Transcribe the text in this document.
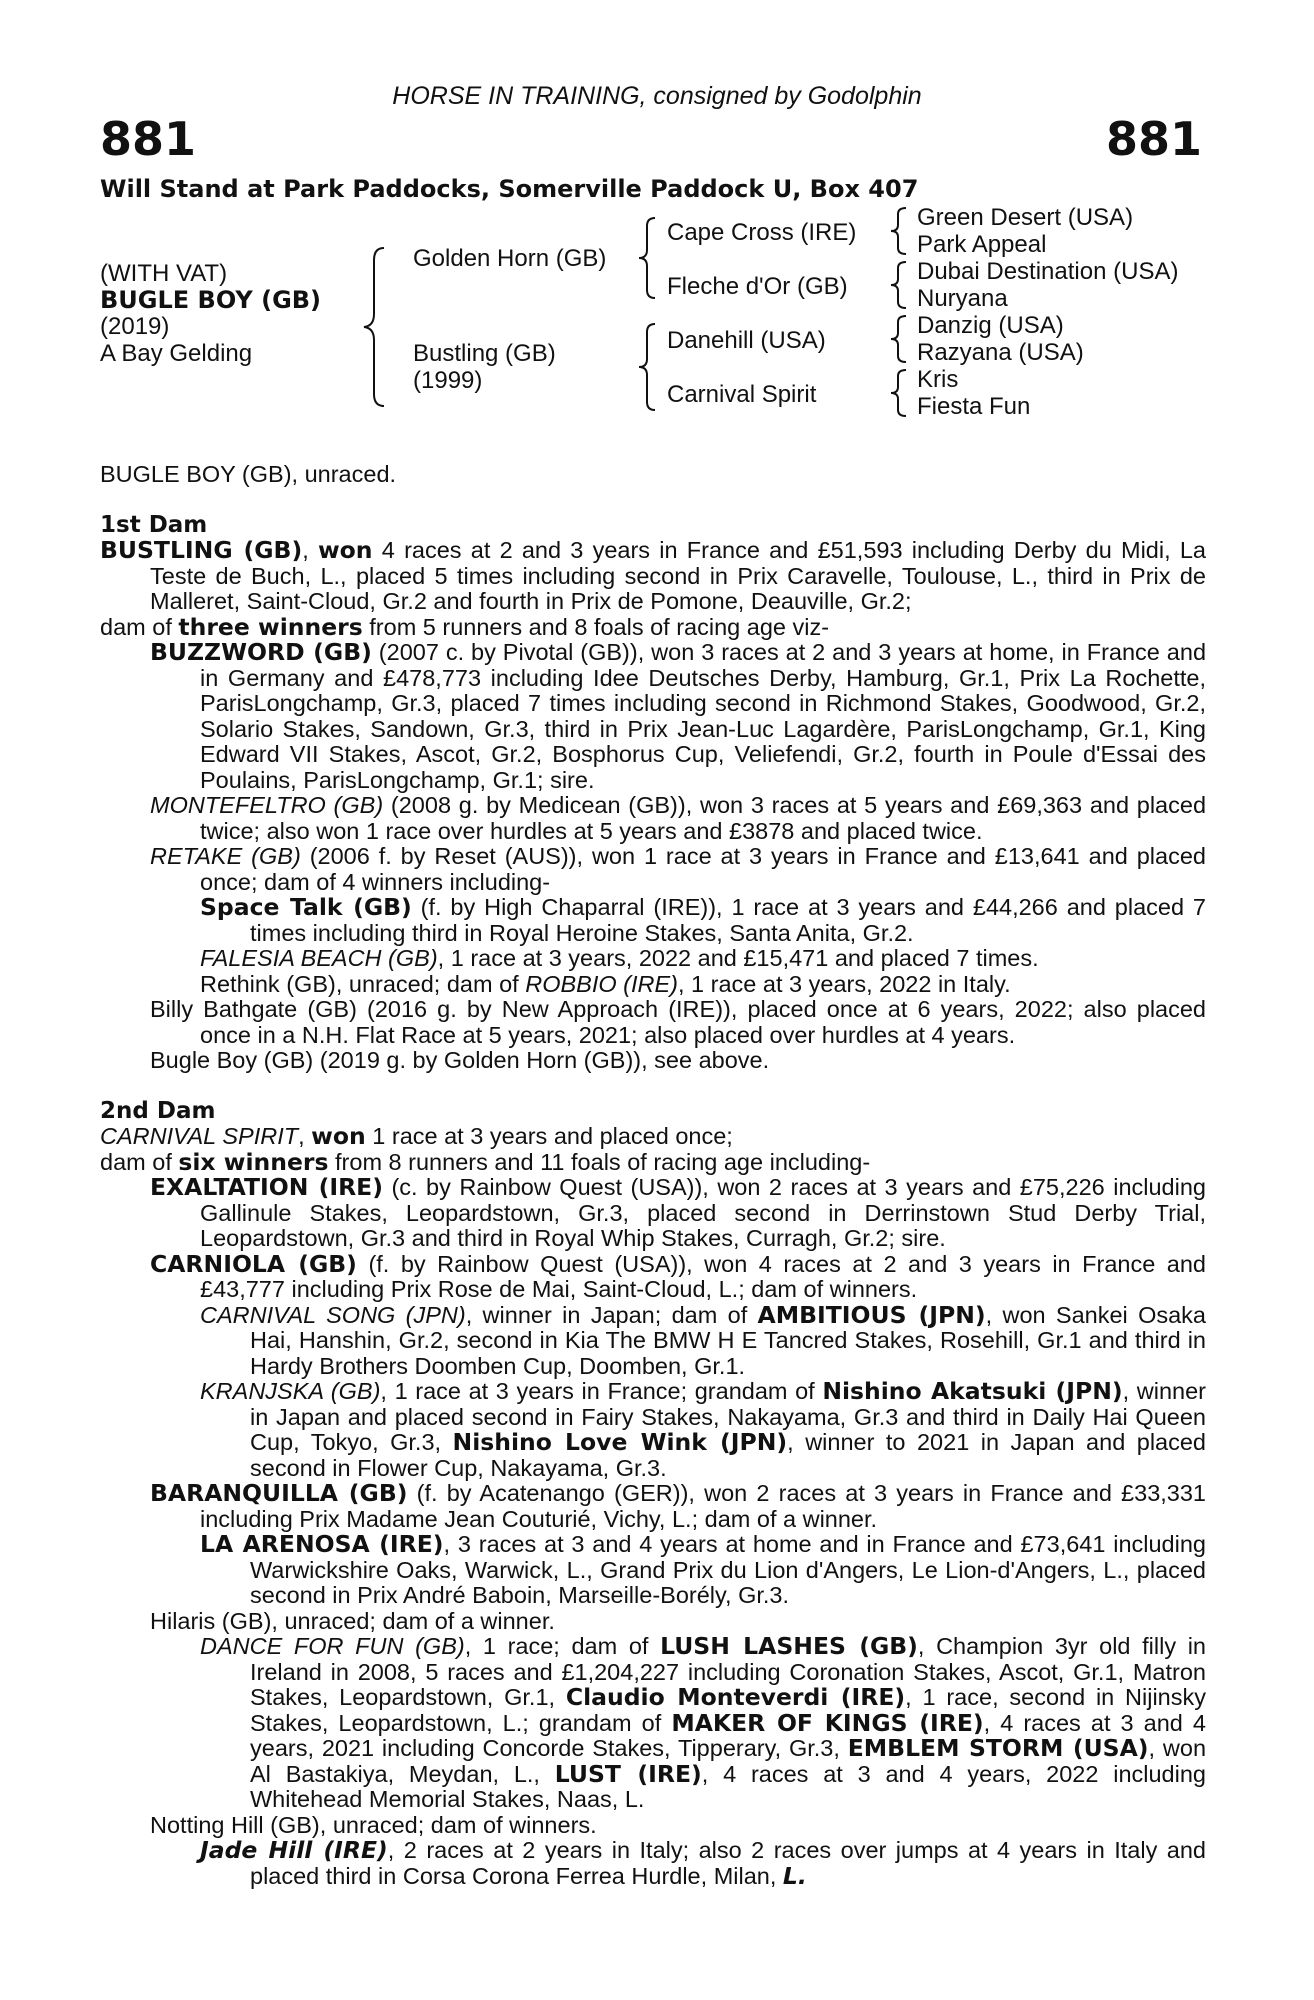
HORSE IN TRAINING, consigned by Godolphin
881	881
Will Stand at Park Paddocks, Somerville Paddock U, Box 407
(WITH VAT)
BUGLE BOY (GB)
(2019)
A Bay Gelding
Golden Horn (GB)
Bustling (GB)
(1999)
Cape Cross (IRE)
Fleche d'Or (GB)
Danehill (USA)
Carnival Spirit
Green Desert (USA)
Park Appeal
Dubai Destination (USA)
Nuryana
Danzig (USA)
Razyana (USA)
Kris
Fiesta Fun
BUGLE BOY (GB), unraced.
1st Dam
BUSTLING (GB), won 4 races at 2 and 3 years in France and £51,593 including Derby du Midi, La Teste de Buch, L., placed 5 times including second in Prix Caravelle, Toulouse, L., third in Prix de Malleret, Saint-Cloud, Gr.2 and fourth in Prix de Pomone, Deauville, Gr.2;
dam of three winners from 5 runners and 8 foals of racing age viz-
BUZZWORD (GB) (2007 c. by Pivotal (GB)), won 3 races at 2 and 3 years at home, in France and in Germany and £478,773 including Idee Deutsches Derby, Hamburg, Gr.1, Prix La Rochette, ParisLongchamp, Gr.3, placed 7 times including second in Richmond Stakes, Goodwood, Gr.2, Solario Stakes, Sandown, Gr.3, third in Prix Jean-Luc Lagardère, ParisLongchamp, Gr.1, King Edward VII Stakes, Ascot, Gr.2, Bosphorus Cup, Veliefendi, Gr.2, fourth in Poule d'Essai des Poulains, ParisLongchamp, Gr.1; sire.
MONTEFELTRO (GB) (2008 g. by Medicean (GB)), won 3 races at 5 years and £69,363 and placed twice; also won 1 race over hurdles at 5 years and £3878 and placed twice.
RETAKE (GB) (2006 f. by Reset (AUS)), won 1 race at 3 years in France and £13,641 and placed once; dam of 4 winners including-
Space Talk (GB) (f. by High Chaparral (IRE)), 1 race at 3 years and £44,266 and placed 7 times including third in Royal Heroine Stakes, Santa Anita, Gr.2.
FALESIA BEACH (GB), 1 race at 3 years, 2022 and £15,471 and placed 7 times.
Rethink (GB), unraced; dam of ROBBIO (IRE), 1 race at 3 years, 2022 in Italy.
Billy Bathgate (GB) (2016 g. by New Approach (IRE)), placed once at 6 years, 2022; also placed once in a N.H. Flat Race at 5 years, 2021; also placed over hurdles at 4 years.
Bugle Boy (GB) (2019 g. by Golden Horn (GB)), see above.
2nd Dam
CARNIVAL SPIRIT, won 1 race at 3 years and placed once;
dam of six winners from 8 runners and 11 foals of racing age including-
EXALTATION (IRE) (c. by Rainbow Quest (USA)), won 2 races at 3 years and £75,226 including Gallinule Stakes, Leopardstown, Gr.3, placed second in Derrinstown Stud Derby Trial, Leopardstown, Gr.3 and third in Royal Whip Stakes, Curragh, Gr.2; sire.
CARNIOLA (GB) (f. by Rainbow Quest (USA)), won 4 races at 2 and 3 years in France and £43,777 including Prix Rose de Mai, Saint-Cloud, L.; dam of winners.
CARNIVAL SONG (JPN), winner in Japan; dam of AMBITIOUS (JPN), won Sankei Osaka Hai, Hanshin, Gr.2, second in Kia The BMW H E Tancred Stakes, Rosehill, Gr.1 and third in Hardy Brothers Doomben Cup, Doomben, Gr.1.
KRANJSKA (GB), 1 race at 3 years in France; grandam of Nishino Akatsuki (JPN), winner in Japan and placed second in Fairy Stakes, Nakayama, Gr.3 and third in Daily Hai Queen Cup, Tokyo, Gr.3, Nishino Love Wink (JPN), winner to 2021 in Japan and placed second in Flower Cup, Nakayama, Gr.3.
BARANQUILLA (GB) (f. by Acatenango (GER)), won 2 races at 3 years in France and £33,331 including Prix Madame Jean Couturié, Vichy, L.; dam of a winner.
LA ARENOSA (IRE), 3 races at 3 and 4 years at home and in France and £73,641 including Warwickshire Oaks, Warwick, L., Grand Prix du Lion d'Angers, Le Lion-d'Angers, L., placed second in Prix André Baboin, Marseille-Borély, Gr.3.
Hilaris (GB), unraced; dam of a winner.
DANCE FOR FUN (GB), 1 race; dam of LUSH LASHES (GB), Champion 3yr old filly in Ireland in 2008, 5 races and £1,204,227 including Coronation Stakes, Ascot, Gr.1, Matron Stakes, Leopardstown, Gr.1, Claudio Monteverdi (IRE), 1 race, second in Nijinsky Stakes, Leopardstown, L.; grandam of MAKER OF KINGS (IRE), 4 races at 3 and 4 years, 2021 including Concorde Stakes, Tipperary, Gr.3, EMBLEM STORM (USA), won Al Bastakiya, Meydan, L., LUST (IRE), 4 races at 3 and 4 years, 2022 including Whitehead Memorial Stakes, Naas, L.
Notting Hill (GB), unraced; dam of winners.
Jade Hill (IRE), 2 races at 2 years in Italy; also 2 races over jumps at 4 years in Italy and placed third in Corsa Corona Ferrea Hurdle, Milan, L.
